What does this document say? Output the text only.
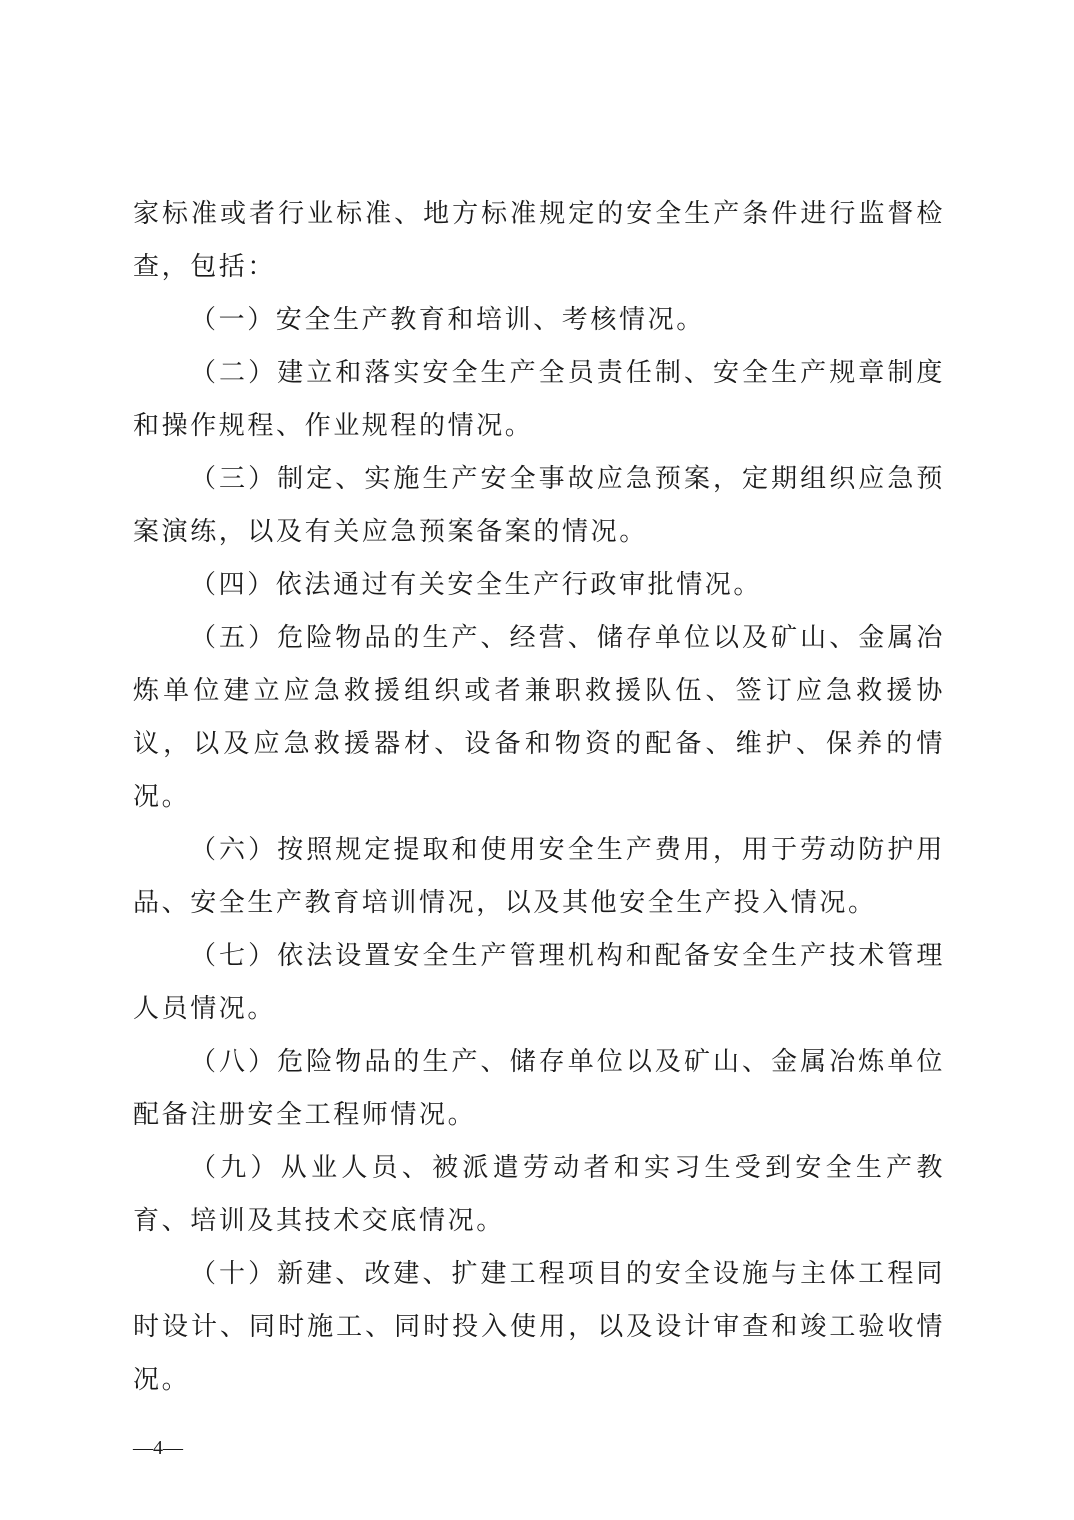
家标准或者行业标准、地方标准规定的安全生产条件进行监督检查，包括：

（一）安全生产教育和培训、考核情况。

（二）建立和落实安全生产全员责任制、安全生产规章制度和操作规程、作业规程的情况。

（三）制定、实施生产安全事故应急预案，定期组织应急预案演练，以及有关应急预案备案的情况。

（四）依法通过有关安全生产行政审批情况。

（五）危险物品的生产、经营、储存单位以及矿山、金属冶炼单位建立应急救援组织或者兼职救援队伍、签订应急救援协议，以及应急救援器材、设备和物资的配备、维护、保养的情况。

（六）按照规定提取和使用安全生产费用，用于劳动防护用品、安全生产教育培训情况，以及其他安全生产投入情况。

（七）依法设置安全生产管理机构和配备安全生产技术管理人员情况。

（八）危险物品的生产、储存单位以及矿山、金属冶炼单位配备注册安全工程师情况。

（九）从业人员、被派遣劳动者和实习生受到安全生产教育、培训及其技术交底情况。

（十）新建、改建、扩建工程项目的安全设施与主体工程同时设计、同时施工、同时投入使用，以及设计审查和竣工验收情况。

—4—
